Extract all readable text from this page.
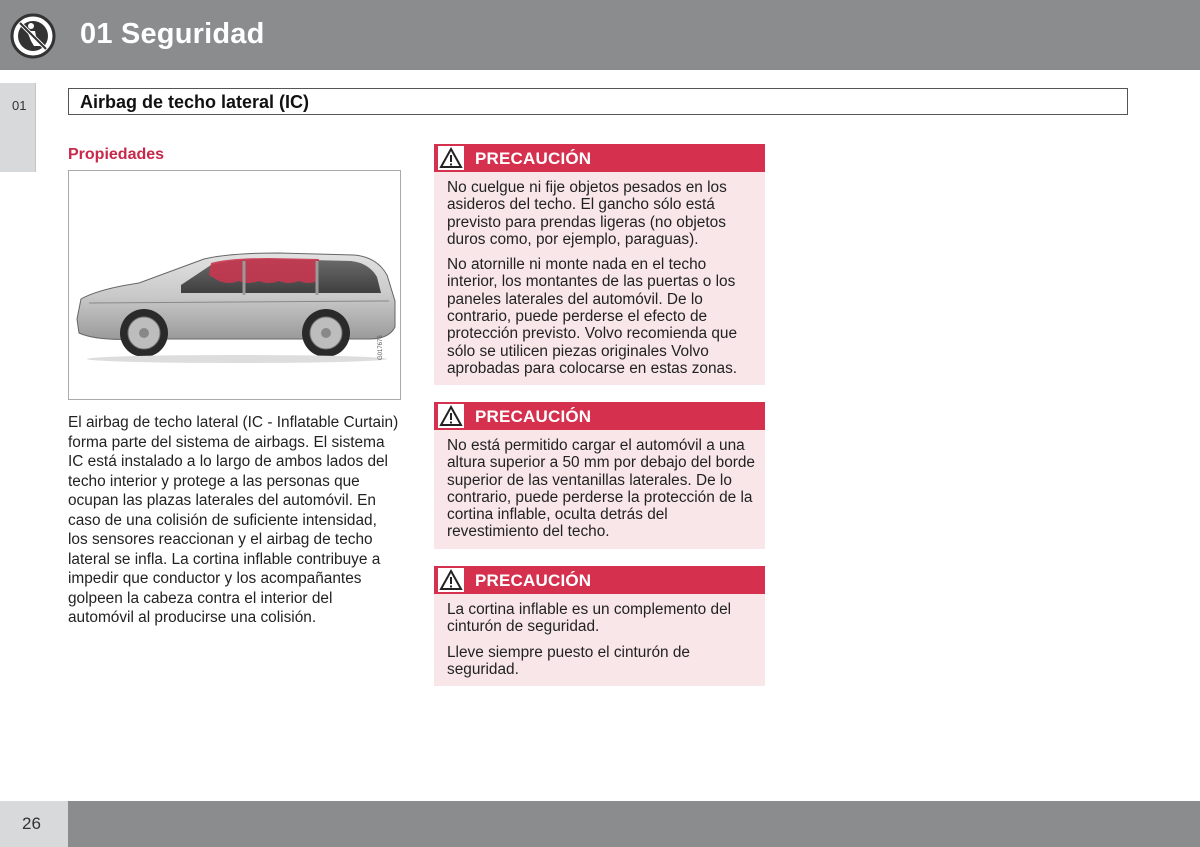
01 Seguridad
01	Airbag de techo lateral (IC)
Propiedades
G017676
El airbag de techo lateral (IC - Inflatable Curtain) forma parte del sistema de airbags. El sistema IC está instalado a lo largo de ambos lados del techo interior y protege a las personas que ocupan las plazas laterales del automóvil. En caso de una colisión de suficiente intensidad, los sensores reaccionan y el airbag de techo lateral se infla. La cortina inflable contribuye a impedir que conductor y los acompañantes golpeen la cabeza contra el interior del automóvil al producirse una colisión.
PRECAUCIÓN

No cuelgue ni fije objetos pesados en los asideros del techo. El gancho sólo está previsto para prendas ligeras (no objetos duros como, por ejemplo, paraguas).

No atornille ni monte nada en el techo interior, los montantes de las puertas o los paneles laterales del automóvil. De lo contrario, puede perderse el efecto de protección previsto. Volvo recomienda que sólo se utilicen piezas originales Volvo aprobadas para colocarse en estas zonas.

PRECAUCIÓN

No está permitido cargar el automóvil a una altura superior a 50 mm por debajo del borde superior de las ventanillas laterales. De lo contrario, puede perderse la protección de la cortina inflable, oculta detrás del revestimiento del techo.

PRECAUCIÓN

La cortina inflable es un complemento del cinturón de seguridad.

Lleve siempre puesto el cinturón de seguridad.

26
